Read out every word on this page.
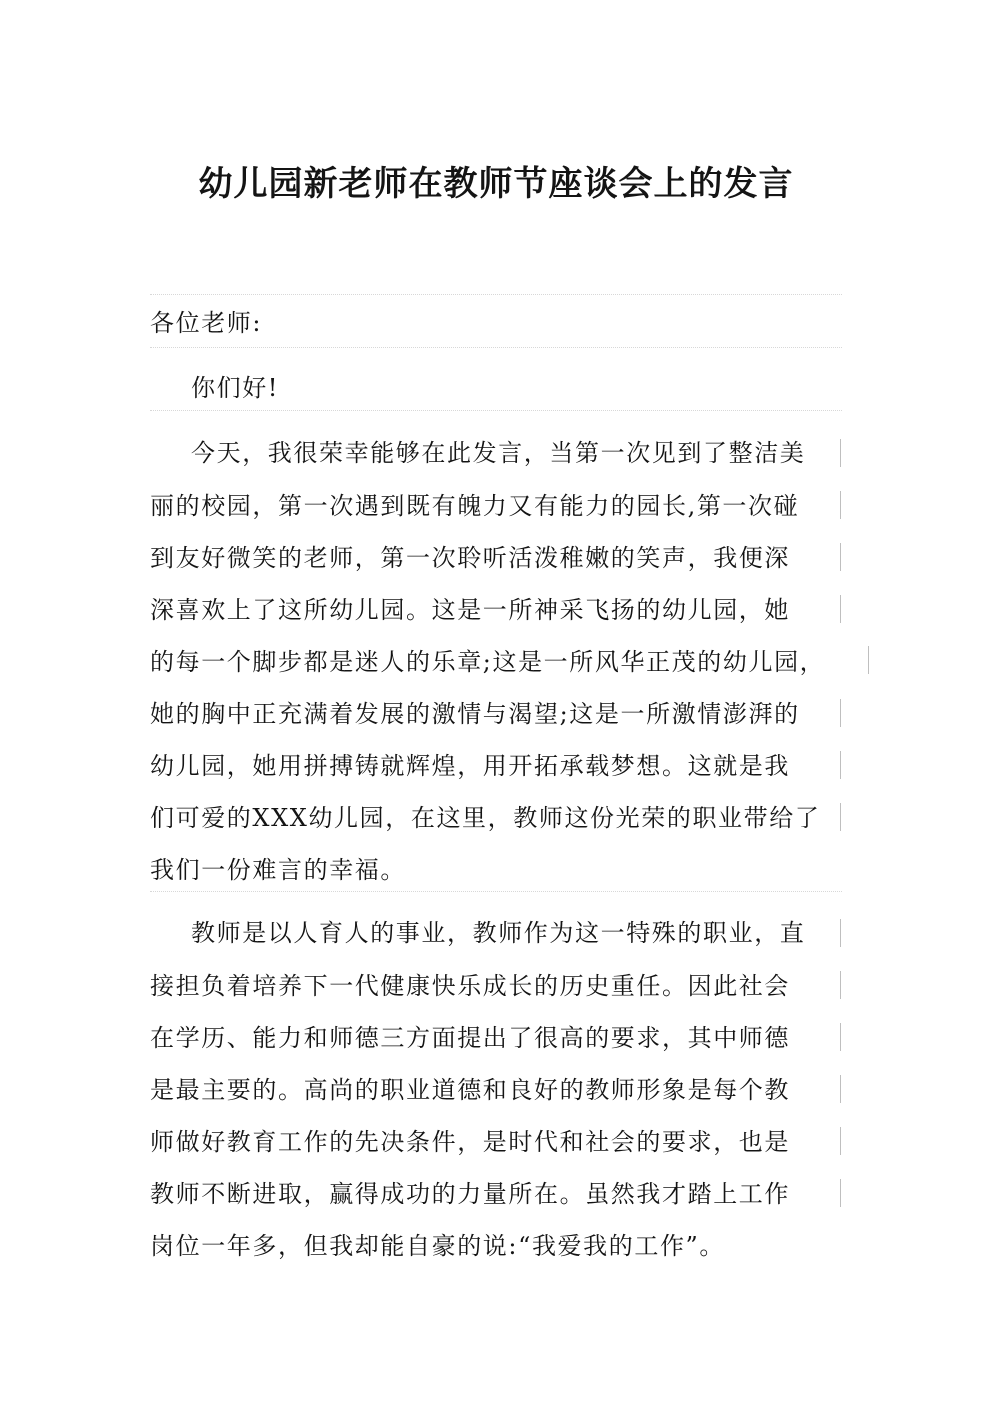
幼儿园新老师在教师节座谈会上的发言
各位老师:
你们好!
今天，我很荣幸能够在此发言，当第一次见到了整洁美
丽的校园，第一次遇到既有魄力又有能力的园长,第一次碰
到友好微笑的老师，第一次聆听活泼稚嫩的笑声，我便深
深喜欢上了这所幼儿园。这是一所神采飞扬的幼儿园，她
的每一个脚步都是迷人的乐章;这是一所风华正茂的幼儿园，
她的胸中正充满着发展的激情与渴望;这是一所激情澎湃的
幼儿园，她用拼搏铸就辉煌，用开拓承载梦想。这就是我
们可爱的XXX幼儿园，在这里，教师这份光荣的职业带给了
我们一份难言的幸福。
教师是以人育人的事业，教师作为这一特殊的职业，直
接担负着培养下一代健康快乐成长的历史重任。因此社会
在学历、能力和师德三方面提出了很高的要求，其中师德
是最主要的。高尚的职业道德和良好的教师形象是每个教
师做好教育工作的先决条件，是时代和社会的要求，也是
教师不断进取，赢得成功的力量所在。虽然我才踏上工作
岗位一年多，但我却能自豪的说:“我爱我的工作”。
